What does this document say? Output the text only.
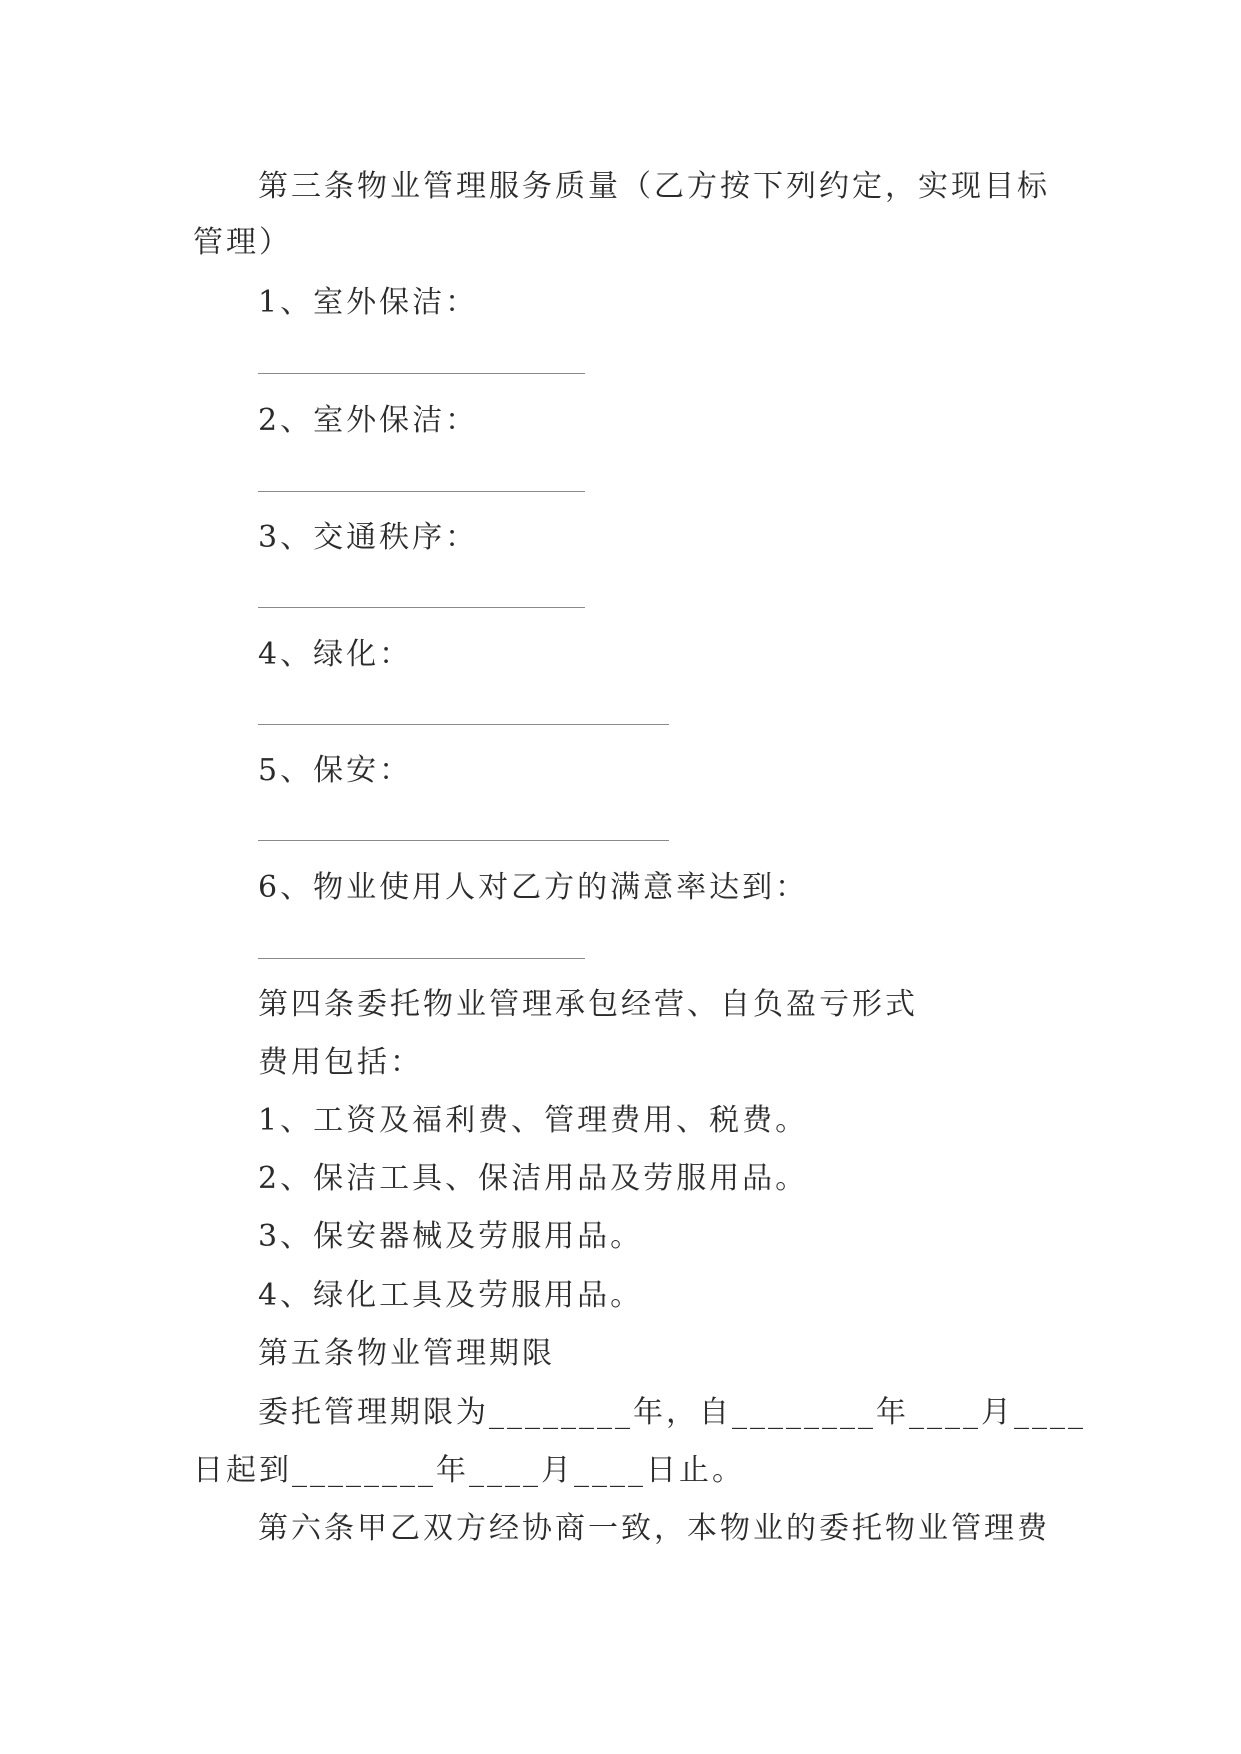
第三条物业管理服务质量（乙方按下列约定，实现目标
管理）
1、室外保洁：
2、室外保洁：
3、交通秩序：
4、绿化：
5、保安：
6、物业使用人对乙方的满意率达到：
第四条委托物业管理承包经营、自负盈亏形式
费用包括：
1、工资及福利费、管理费用、税费。
2、保洁工具、保洁用品及劳服用品。
3、保安器械及劳服用品。
4、绿化工具及劳服用品。
第五条物业管理期限
委托管理期限为________年，自________年____月____
日起到________年____月____日止。
第六条甲乙双方经协商一致，本物业的委托物业管理费
